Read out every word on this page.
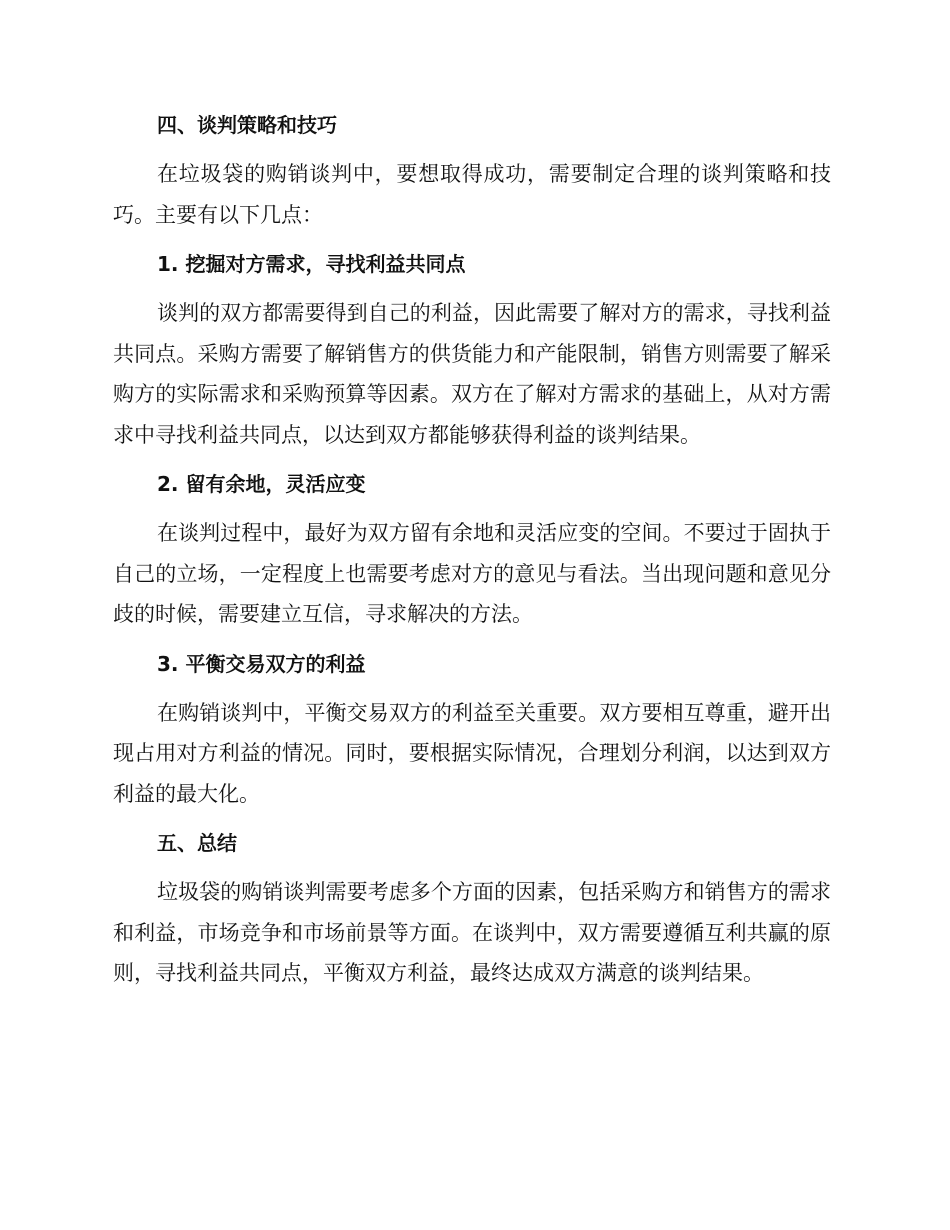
四、谈判策略和技巧

在垃圾袋的购销谈判中，要想取得成功，需要制定合理的谈判策略和技巧。主要有以下几点：

1. 挖掘对方需求，寻找利益共同点

谈判的双方都需要得到自己的利益，因此需要了解对方的需求，寻找利益共同点。采购方需要了解销售方的供货能力和产能限制，销售方则需要了解采购方的实际需求和采购预算等因素。双方在了解对方需求的基础上，从对方需求中寻找利益共同点，以达到双方都能够获得利益的谈判结果。

2. 留有余地，灵活应变

在谈判过程中，最好为双方留有余地和灵活应变的空间。不要过于固执于自己的立场，一定程度上也需要考虑对方的意见与看法。当出现问题和意见分歧的时候，需要建立互信，寻求解决的方法。

3. 平衡交易双方的利益

在购销谈判中，平衡交易双方的利益至关重要。双方要相互尊重，避开出现占用对方利益的情况。同时，要根据实际情况，合理划分利润，以达到双方利益的最大化。

五、总结

垃圾袋的购销谈判需要考虑多个方面的因素，包括采购方和销售方的需求和利益，市场竞争和市场前景等方面。在谈判中，双方需要遵循互利共赢的原则，寻找利益共同点，平衡双方利益，最终达成双方满意的谈判结果。
